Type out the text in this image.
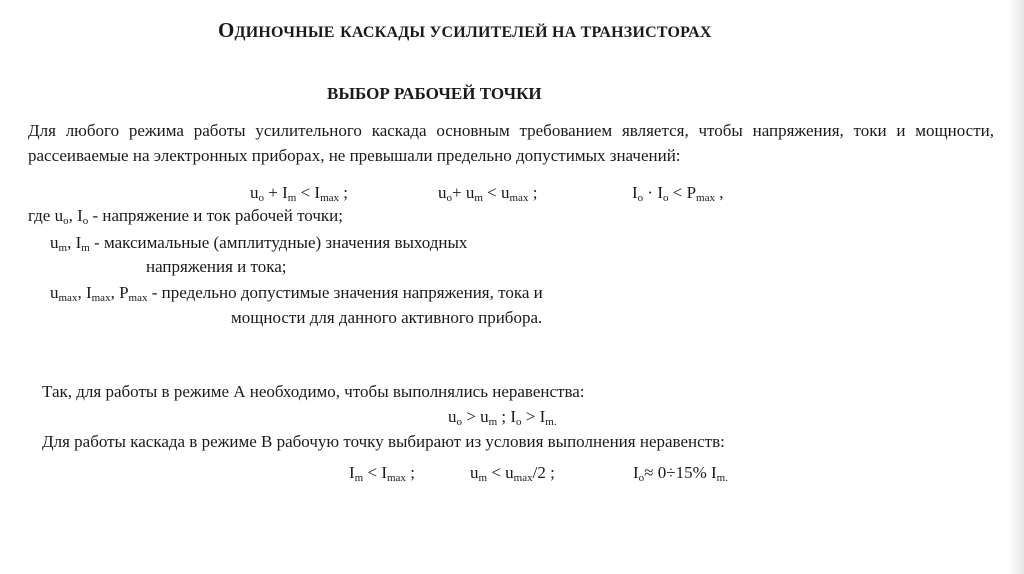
ОДИНОЧНЫЕ КАСКАДЫ УСИЛИТЕЛЕЙ НА ТРАНЗИСТОРАХ
ВЫБОР РАБОЧЕЙ ТОЧКИ
Для любого режима работы усилительного каскада основным требованием является, чтобы напряжения, токи и мощности, рассеиваемые на электронных приборах, не превышали предельно допустимых значений:
$u_o + I_m < I_{max}$ ;	$u_o+ u_m < u_{max}$ ;	$I_o \cdot I_o < P_{max}$ ,
где $u_o$, $I_o$ - напряжение и ток рабочей точки;
$u_m$, $I_m$ - максимальные (амплитудные) значения выходных
напряжения и тока;
$u_{max}$, $I_{max}$, $P_{max}$ - предельно допустимые значения напряжения, тока и
мощности для данного активного прибора.
Так, для работы в режиме А необходимо, чтобы выполнялись неравенства:
$u_o > u_m$ ; $I_o > I_{m.}$
Для работы каскада в режиме В рабочую точку выбирают из условия выполнения неравенств:
$I_m < I_{max}$ ;	$u_m < u_{max}/2$ ;	$I_o\approx 0\div 15\%$ $I_{m.}$
